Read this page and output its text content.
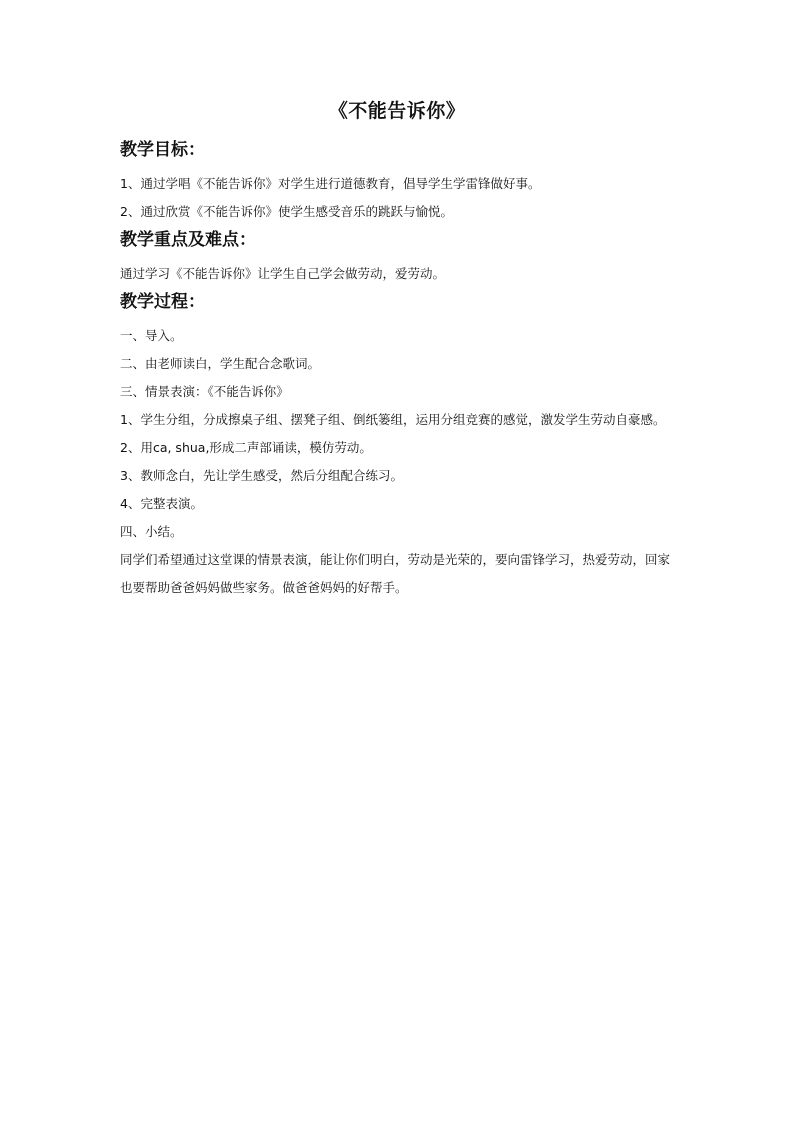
《不能告诉你》
教学目标：
1、通过学唱《不能告诉你》对学生进行道德教育，倡导学生学雷锋做好事。
2、通过欣赏《不能告诉你》使学生感受音乐的跳跃与愉悦。
教学重点及难点：
通过学习《不能告诉你》让学生自己学会做劳动，爱劳动。
教学过程：
一、导入。
二、由老师读白，学生配合念歌词。
三、情景表演：《不能告诉你》
1、学生分组，分成擦桌子组、摆凳子组、倒纸篓组，运用分组竞赛的感觉，激发学生劳动自豪感。
2、用ca, shua,形成二声部诵读，模仿劳动。
3、教师念白，先让学生感受，然后分组配合练习。
4、完整表演。
四、小结。
同学们希望通过这堂课的情景表演，能让你们明白，劳动是光荣的，要向雷锋学习，热爱劳动，回家也要帮助爸爸妈妈做些家务。做爸爸妈妈的好帮手。
